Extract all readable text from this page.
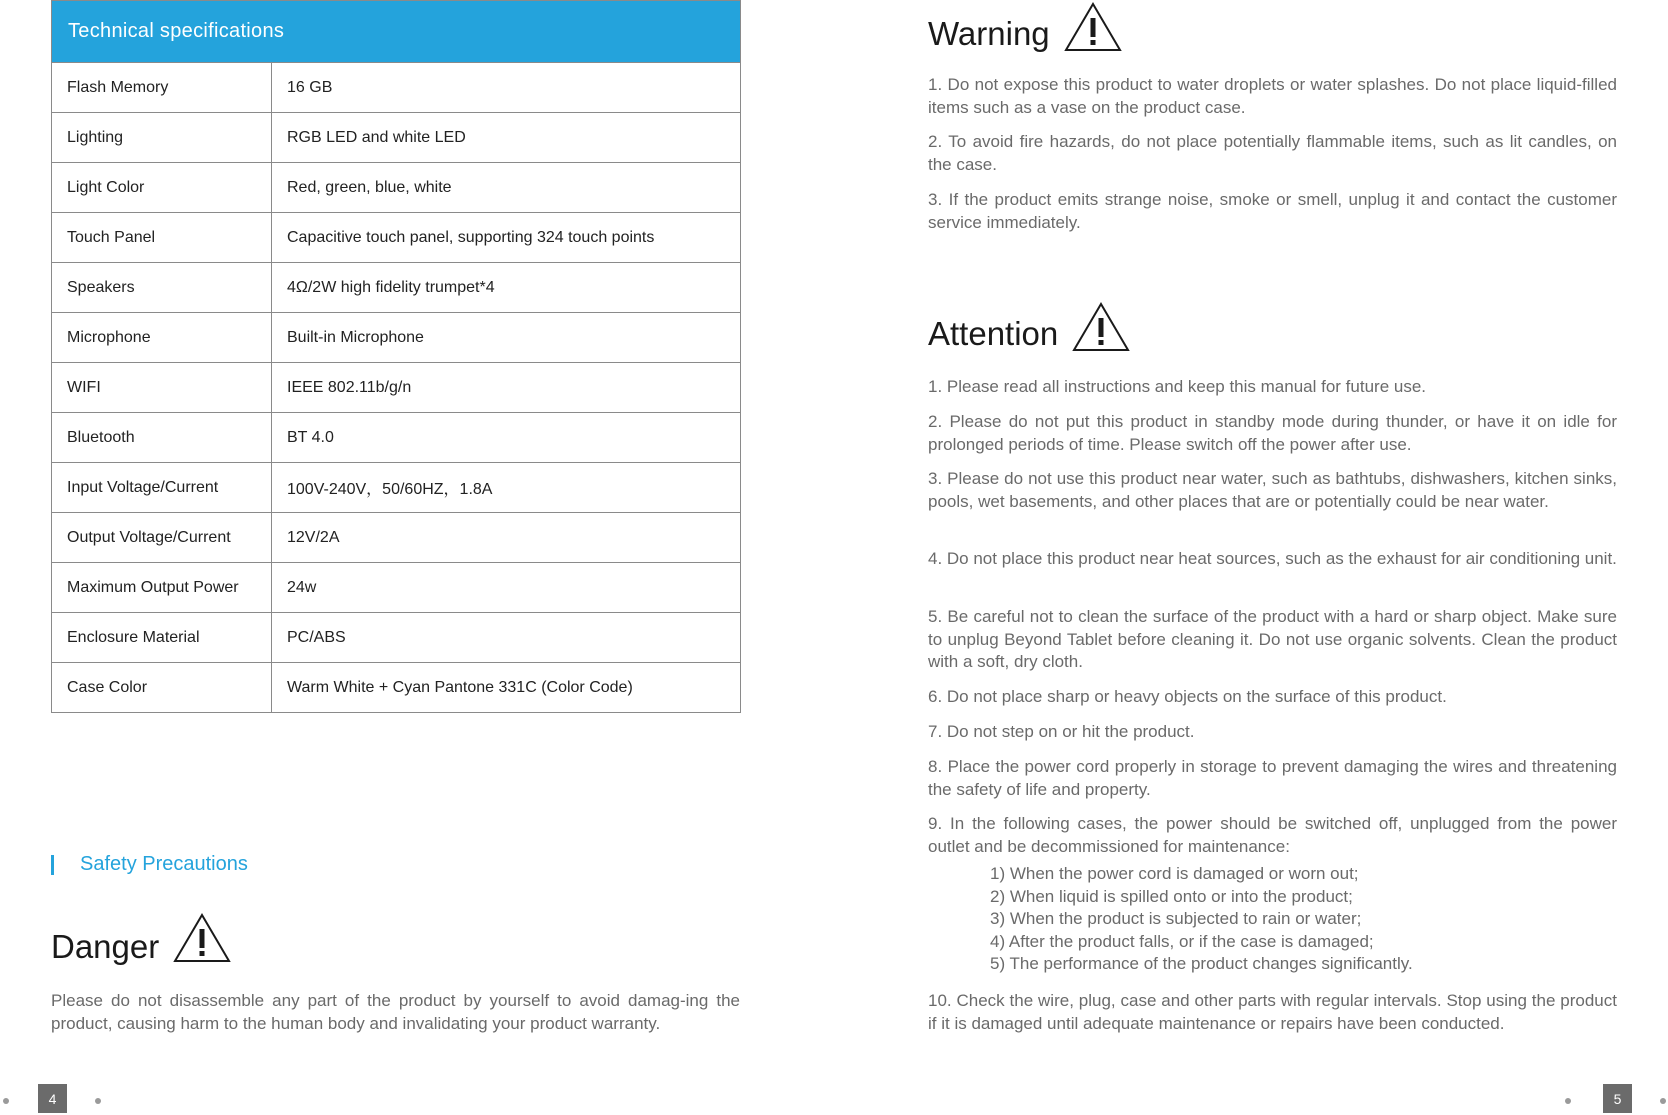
Technical specifications	
Flash Memory	16 GB
Lighting	RGB LED and white LED
Light Color	Red, green, blue, white
Touch Panel	Capacitive touch panel, supporting 324 touch points
Speakers	4Ω/2W high fidelity trumpet*4
Microphone	Built-in Microphone
WIFI	IEEE 802.11b/g/n
Bluetooth	BT 4.0
Input Voltage/Current	100V-240V，50/60HZ，1.8A
Output Voltage/Current	12V/2A
Maximum Output Power	24w
Enclosure Material	PC/ABS
Case Color	Warm White + Cyan Pantone 331C (Color Code)
Safety Precautions
Danger

Please do not disassemble any part of the product by yourself to avoid damag-ing the product, causing harm to the human body and invalidating your product warranty.

4
Warning

1. Do not expose this product to water droplets or water splashes. Do not place liquid-filled items such as a vase on the product case.

2. To avoid fire hazards, do not place potentially flammable items, such as lit candles, on the case.

3. If the product emits strange noise, smoke or smell, unplug it and contact the customer service immediately.

Attention

1. Please read all instructions and keep this manual for future use.

2. Please do not put this product in standby mode during thunder, or have it on idle for prolonged periods of time. Please switch off the power after use.

3. Please do not use this product near water, such as bathtubs, dishwashers, kitchen sinks, pools, wet basements, and other places that are or potentially could be near water.

4. Do not place this product near heat sources, such as the exhaust for air conditioning unit.

5. Be careful not to clean the surface of the product with a hard or sharp object. Make sure to unplug Beyond Tablet before cleaning it. Do not use organic solvents. Clean the product with a soft, dry cloth.

6. Do not place sharp or heavy objects on the surface of this product.

7. Do not step on or hit the product.

8. Place the power cord properly in storage to prevent damaging the wires and threatening the safety of life and property.

9. In the following cases, the power should be switched off, unplugged from the power outlet and be decommissioned for maintenance:

1) When the power cord is damaged or worn out;
2) When liquid is spilled onto or into the product;
3) When the product is subjected to rain or water;
4) After the product falls, or if the case is damaged;
5) The performance of the product changes significantly.

10. Check the wire, plug, case and other parts with regular intervals. Stop using the product if it is damaged until adequate maintenance or repairs have been conducted.

5
